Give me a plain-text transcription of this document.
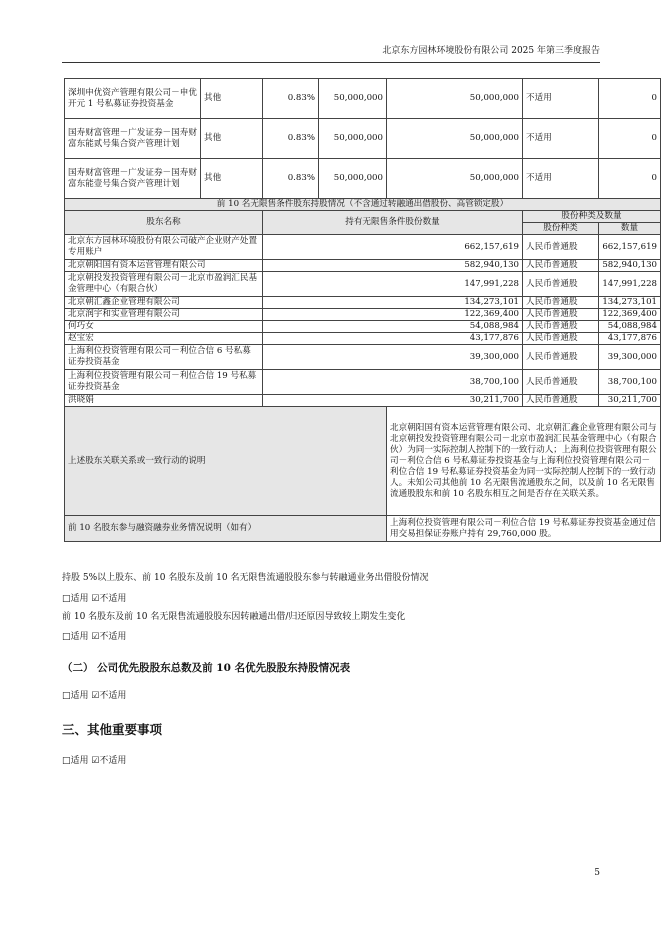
北京东方园林环境股份有限公司 2025 年第三季度报告
深圳申优资产管理有限公司－申优开元 1 号私募证券投资基金	其他	0.83%	50,000,000	50,000,000	不适用	0
国寿财富管理－广发证券－国寿财富东能贰号集合资产管理计划	其他	0.83%	50,000,000	50,000,000	不适用	0
国寿财富管理－广发证券－国寿财富东能壹号集合资产管理计划	其他	0.83%	50,000,000	50,000,000	不适用	0
前 10 名无限售条件股东持股情况（不含通过转融通出借股份、高管锁定股）						
股东名称		持有无限售条件股份数量			股份种类及数量	
					股份种类	数量
北京东方园林环境股份有限公司破产企业财产处置专用账户		662,157,619			人民币普通股	662,157,619
北京朝阳国有资本运营管理有限公司		582,940,130			人民币普通股	582,940,130
北京朝投发投资管理有限公司－北京市盈润汇民基金管理中心（有限合伙）		147,991,228			人民币普通股	147,991,228
北京朝汇鑫企业管理有限公司		134,273,101			人民币普通股	134,273,101
北京润宇和实业管理有限公司		122,369,400			人民币普通股	122,369,400
何巧女		54,088,984			人民币普通股	54,088,984
赵宝宏		43,177,876			人民币普通股	43,177,876
上海利位投资管理有限公司－利位合信 6 号私募证券投资基金		39,300,000			人民币普通股	39,300,000
上海利位投资管理有限公司－利位合信 19 号私募证券投资基金		38,700,100			人民币普通股	38,700,100
洪晓娟		30,211,700			人民币普通股	30,211,700
上述股东关联关系或一致行动的说明				北京朝阳国有资本运营管理有限公司、北京朝汇鑫企业管理有限公司与北京朝投发投资管理有限公司－北京市盈润汇民基金管理中心（有限合伙）为同一实际控制人控制下的一致行动人；上海利位投资管理有限公司－利位合信 6 号私募证券投资基金与上海利位投资管理有限公司－利位合信 19 号私募证券投资基金为同一实际控制人控制下的一致行动人。未知公司其他前 10 名无限售流通股东之间，以及前 10 名无限售流通股股东和前 10 名股东相互之间是否存在关联关系。		
前 10 名股东参与融资融券业务情况说明（如有）				上海利位投资管理有限公司－利位合信 19 号私募证券投资基金通过信用交易担保证券账户持有 29,760,000 股。		
持股 5%以上股东、前 10 名股东及前 10 名无限售流通股股东参与转融通业务出借股份情况
□适用 ☑不适用
前 10 名股东及前 10 名无限售流通股股东因转融通出借/归还原因导致较上期发生变化
□适用 ☑不适用
（二） 公司优先股股东总数及前 10 名优先股股东持股情况表
□适用 ☑不适用
三、其他重要事项
□适用 ☑不适用
5
